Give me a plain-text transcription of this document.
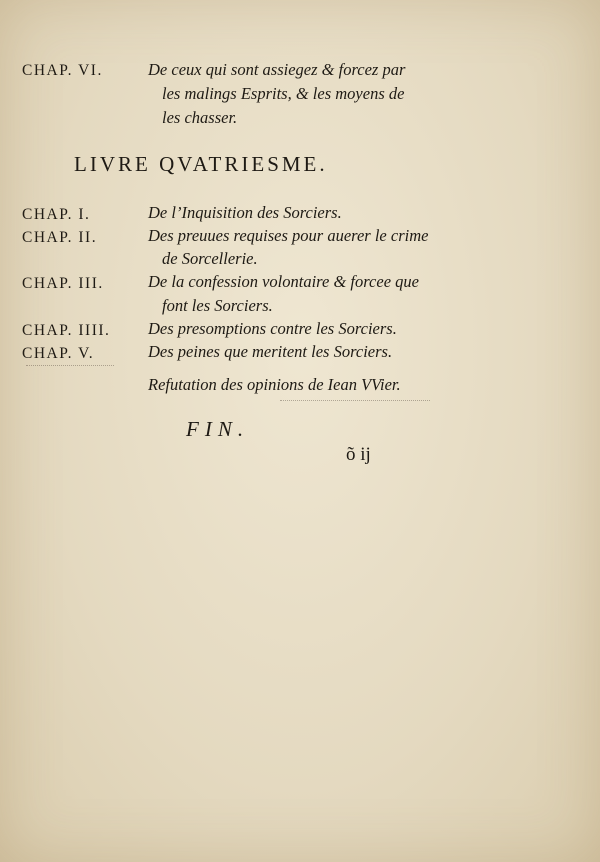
CHAP. VI.	De ceux qui sont assiegez & forcez par
les malings Esprits, & les moyens de
les chasser.
LIVRE QVATRIESME.
CHAP. I.	De l’Inquisition des Sorciers.
CHAP. II.	Des preuues requises pour auerer le crime
de Sorcellerie.
CHAP. III.	De la confession volontaire & forcee que
font les Sorciers.
CHAP. IIII. Des presomptions contre les Sorciers.
CHAP. V.	Des peines que meritent les Sorciers.
Refutation des opinions de Iean VVier.
FIN.
õ ij
